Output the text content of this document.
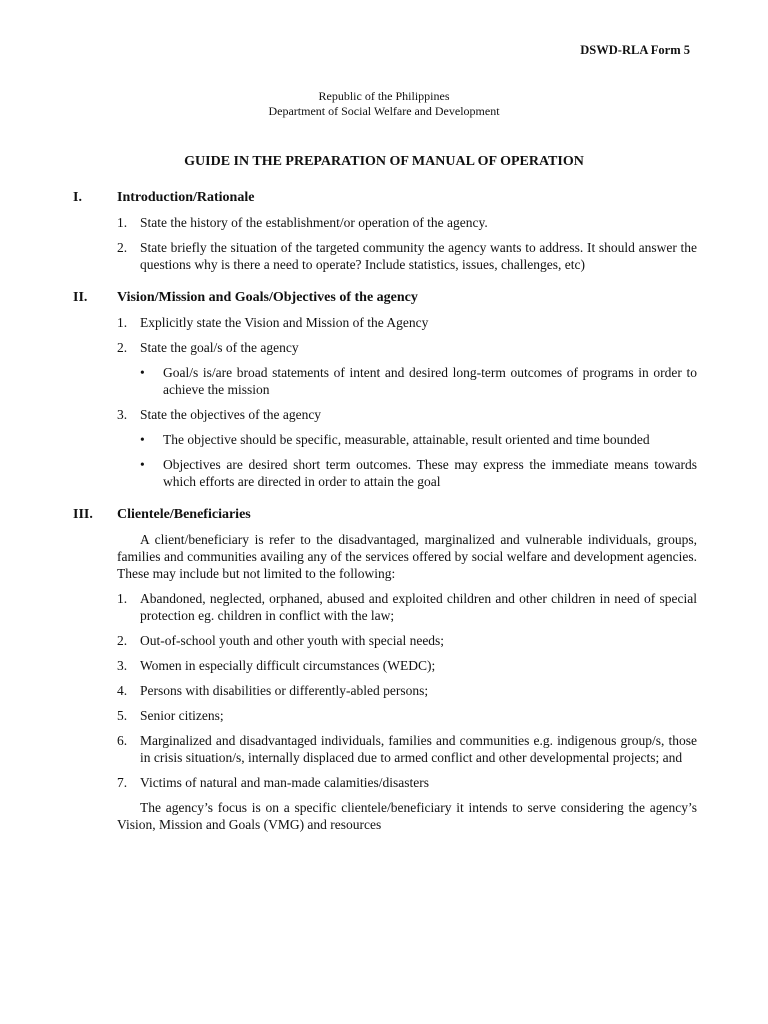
DSWD-RLA Form 5
Republic of the Philippines
Department of Social Welfare and Development
GUIDE IN THE PREPARATION OF MANUAL OF OPERATION
I.	Introduction/Rationale
1. State the history of the establishment/or operation of the agency.
2. State briefly the situation of the targeted community the agency wants to address. It should answer the questions why is there a need to operate? Include statistics, issues, challenges, etc)
II.	Vision/Mission and Goals/Objectives of the agency
1. Explicitly state the Vision and Mission of the Agency
2. State the goal/s of the agency
•	Goal/s is/are broad statements of intent and desired long-term outcomes of programs in order to achieve the mission
3. State the objectives of the agency
•	The objective should be specific, measurable, attainable, result oriented and time bounded
•	Objectives are desired short term outcomes. These may express the immediate means towards which efforts are directed in order to attain the goal
III.	Clientele/Beneficiaries
A client/beneficiary is refer to the disadvantaged, marginalized and vulnerable individuals, groups, families and communities availing any of the services offered by social welfare and development agencies. These may include but not limited to the following:
1. Abandoned, neglected, orphaned, abused and exploited children and other children in need of special protection eg. children in conflict with the law;
2. Out-of-school youth and other youth with special needs;
3. Women in especially difficult circumstances (WEDC);
4. Persons with disabilities or differently-abled persons;
5. Senior citizens;
6. Marginalized and disadvantaged individuals, families and communities e.g. indigenous group/s, those in crisis situation/s, internally displaced due to armed conflict and other developmental projects; and
7. Victims of natural and man-made calamities/disasters
The agency’s focus is on a specific clientele/beneficiary it intends to serve considering the agency’s Vision, Mission and Goals (VMG) and resources
